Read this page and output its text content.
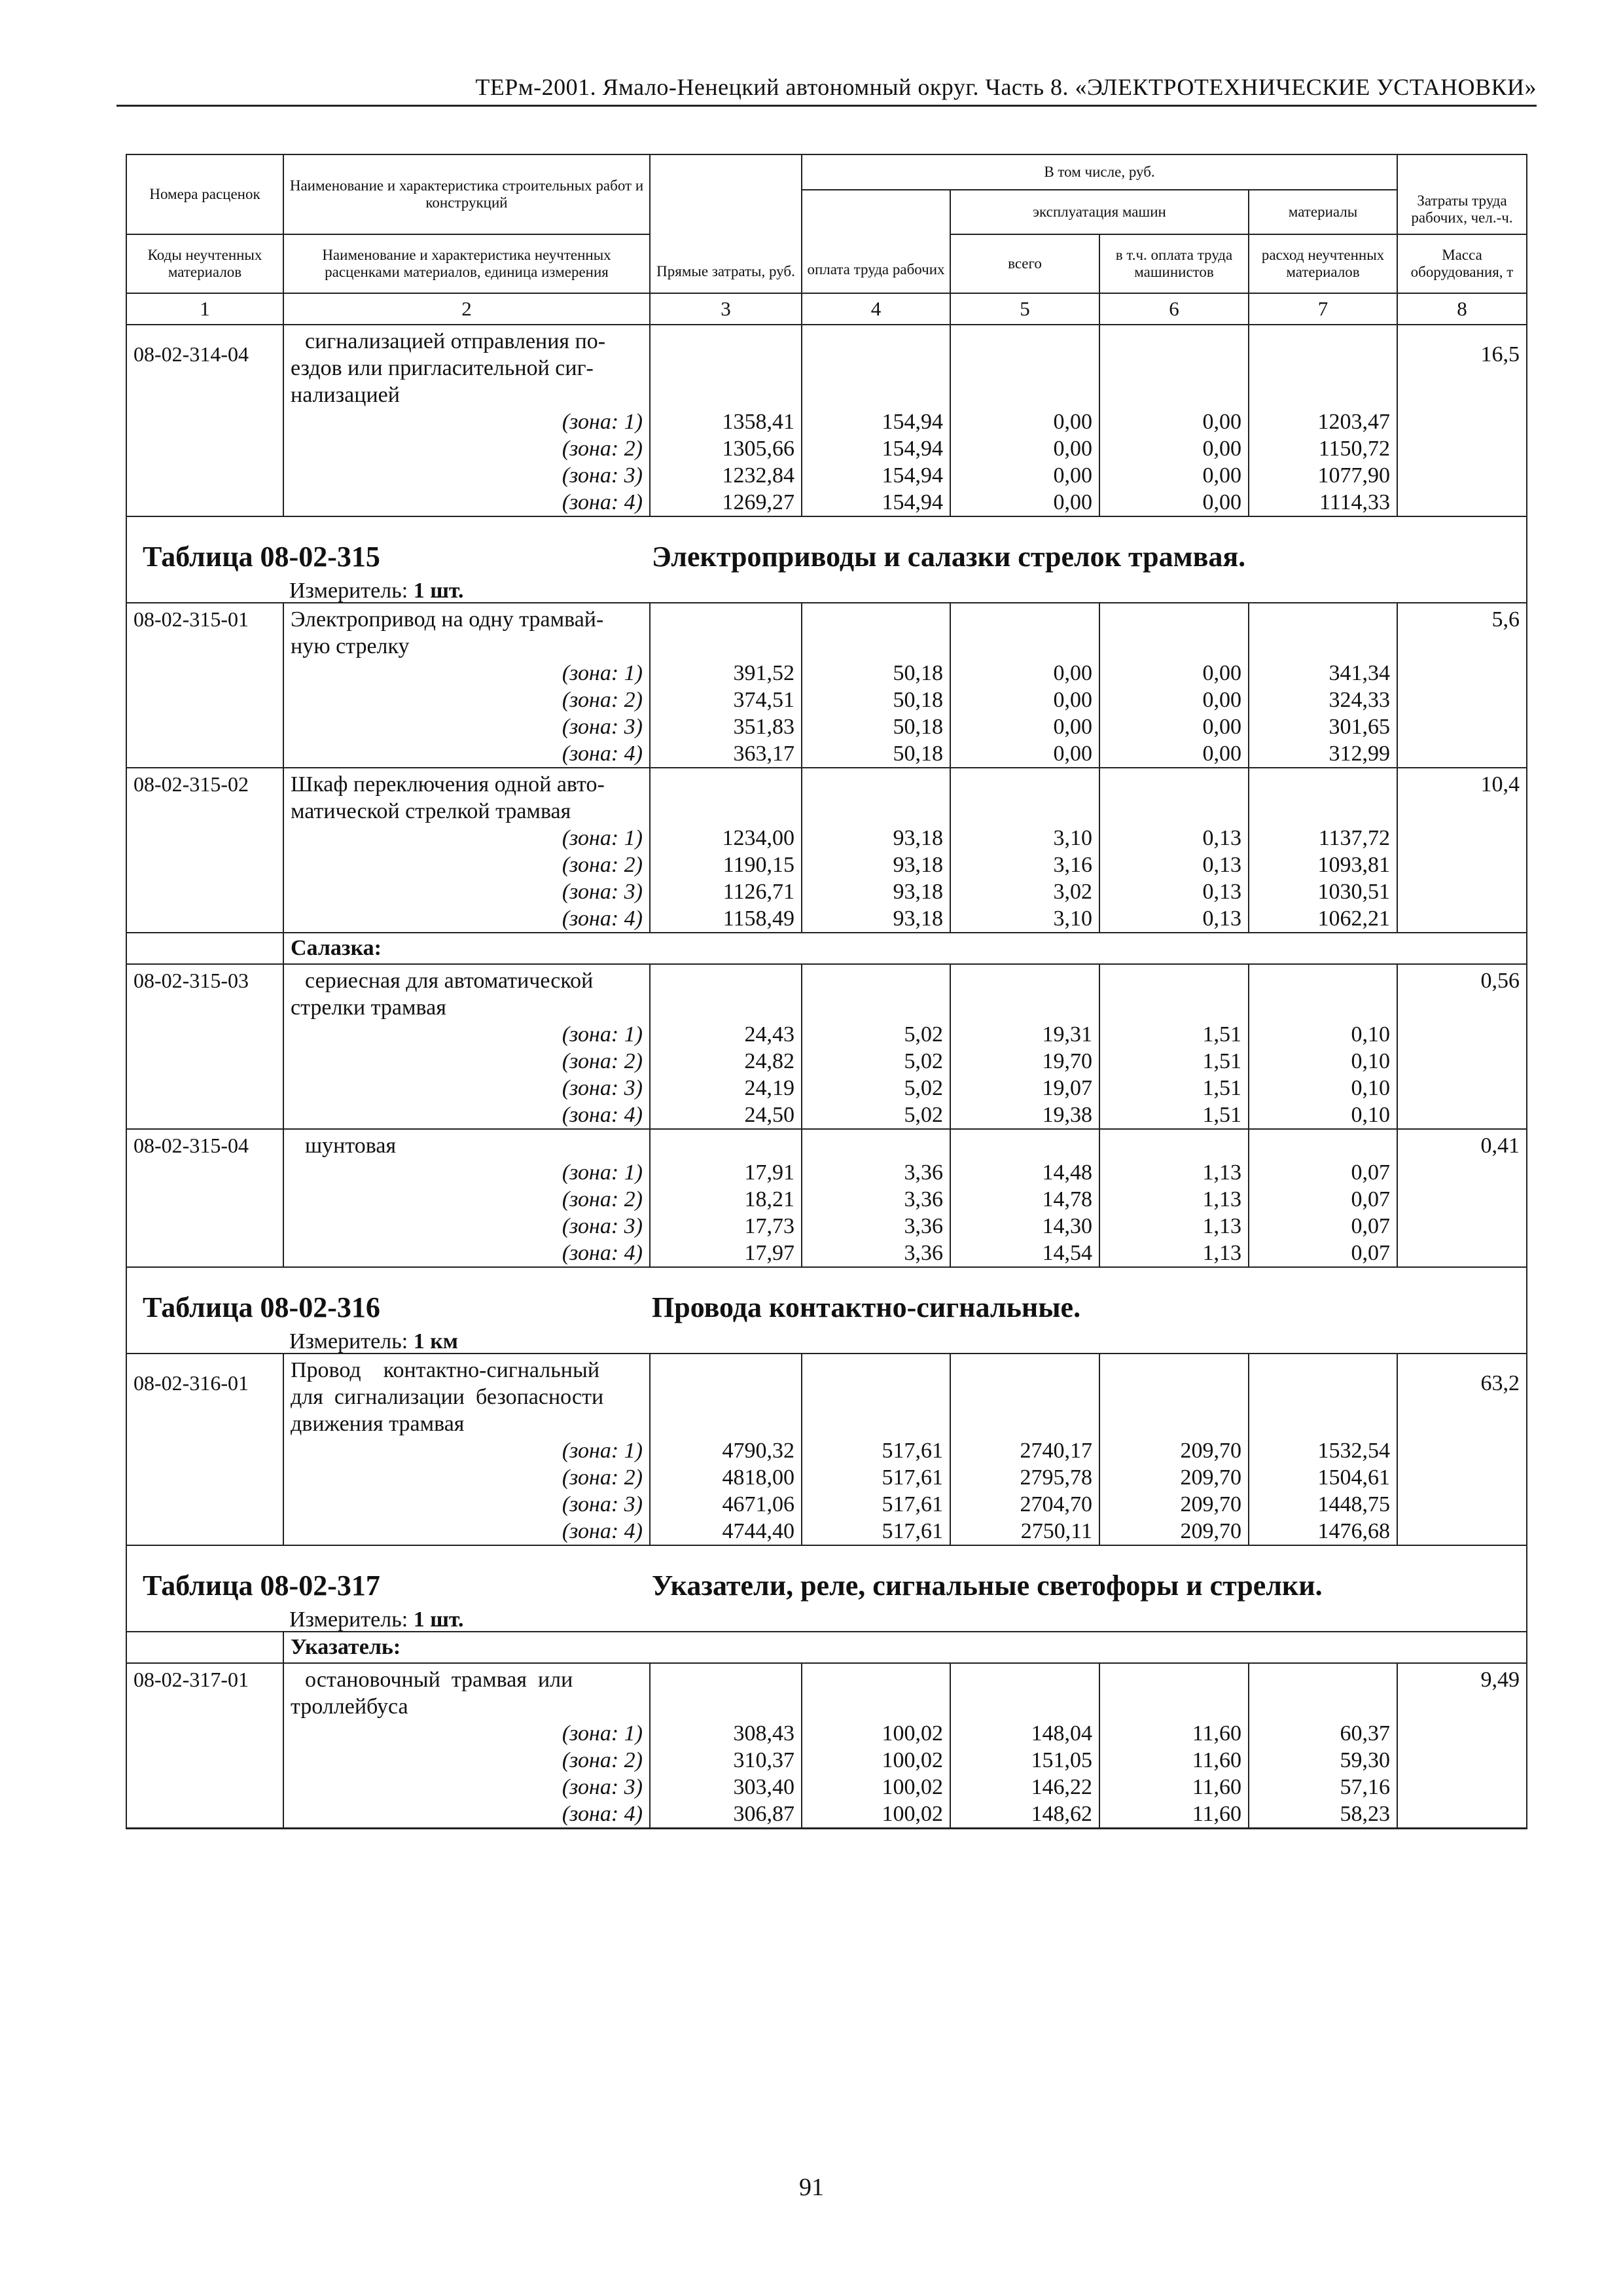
ТЕРм-2001. Ямало-Ненецкий автономный округ. Часть 8. «ЭЛЕКТРОТЕХНИЧЕСКИЕ УСТАНОВКИ»
Номера расценок	Наименование и характеристика строительных работ и конструкций	Прямые затраты, руб.	В том числе, руб.				Затраты труда рабочих, чел.-ч.
			оплата труда рабочих	эксплуатация машин		материалы	
				всего	в т.ч. оплата труда машинистов	расход неучтенных материалов	
Коды неучтенных материалов	Наименование и характеристика неучтенных расценками материалов, единица измерения						Масса оборудования, т

1	2	3	4	5	6	7	8
08-02-314-04	сигнализацией отправления по-
ездов или пригласительной сиг-
нализацией						16,5
	(зона: 1)	1358,41	154,94	0,00	0,00	1203,47	
	(зона: 2)	1305,66	154,94	0,00	0,00	1150,72	
	(зона: 3)	1232,84	154,94	0,00	0,00	1077,90	
	(зона: 4)	1269,27	154,94	0,00	0,00	1114,33	

Таблица 08-02-315 Электроприводы и салазки стрелок трамвая.
Измеритель: 1 шт.							

08-02-315-01	Электропривод на одну трамвай-
ную стрелку						5,6
	(зона: 1)	391,52	50,18	0,00	0,00	341,34	
	(зона: 2)	374,51	50,18	0,00	0,00	324,33	
	(зона: 3)	351,83	50,18	0,00	0,00	301,65	
	(зона: 4)	363,17	50,18	0,00	0,00	312,99	
08-02-315-02	Шкаф переключения одной авто-
матической стрелкой трамвая						10,4
	(зона: 1)	1234,00	93,18	3,10	0,13	1137,72	
	(зона: 2)	1190,15	93,18	3,16	0,13	1093,81	
	(зона: 3)	1126,71	93,18	3,02	0,13	1030,51	
	(зона: 4)	1158,49	93,18	3,10	0,13	1062,21	
	Салазка:						
08-02-315-03	сериесная для автоматической
стрелки трамвая						0,56
	(зона: 1)	24,43	5,02	19,31	1,51	0,10	
	(зона: 2)	24,82	5,02	19,70	1,51	0,10	
	(зона: 3)	24,19	5,02	19,07	1,51	0,10	
	(зона: 4)	24,50	5,02	19,38	1,51	0,10	
08-02-315-04	шунтовая						0,41
	(зона: 1)	17,91	3,36	14,48	1,13	0,07	
	(зона: 2)	18,21	3,36	14,78	1,13	0,07	
	(зона: 3)	17,73	3,36	14,30	1,13	0,07	
	(зона: 4)	17,97	3,36	14,54	1,13	0,07	

Таблица 08-02-316 Провода контактно-сигнальные.
Измеритель: 1 км							

08-02-316-01	Провод    контактно-сигнальный
для  сигнализации  безопасности
движения трамвая						63,2
	(зона: 1)	4790,32	517,61	2740,17	209,70	1532,54	
	(зона: 2)	4818,00	517,61	2795,78	209,70	1504,61	
	(зона: 3)	4671,06	517,61	2704,70	209,70	1448,75	
	(зона: 4)	4744,40	517,61	2750,11	209,70	1476,68	

Таблица 08-02-317 Указатели, реле, сигнальные светофоры и стрелки.
Измеритель: 1 шт.							

	Указатель:						
08-02-317-01	остановочный  трамвая  или
троллейбуса						9,49
	(зона: 1)	308,43	100,02	148,04	11,60	60,37	
	(зона: 2)	310,37	100,02	151,05	11,60	59,30	
	(зона: 3)	303,40	100,02	146,22	11,60	57,16	
	(зона: 4)	306,87	100,02	148,62	11,60	58,23	
91
